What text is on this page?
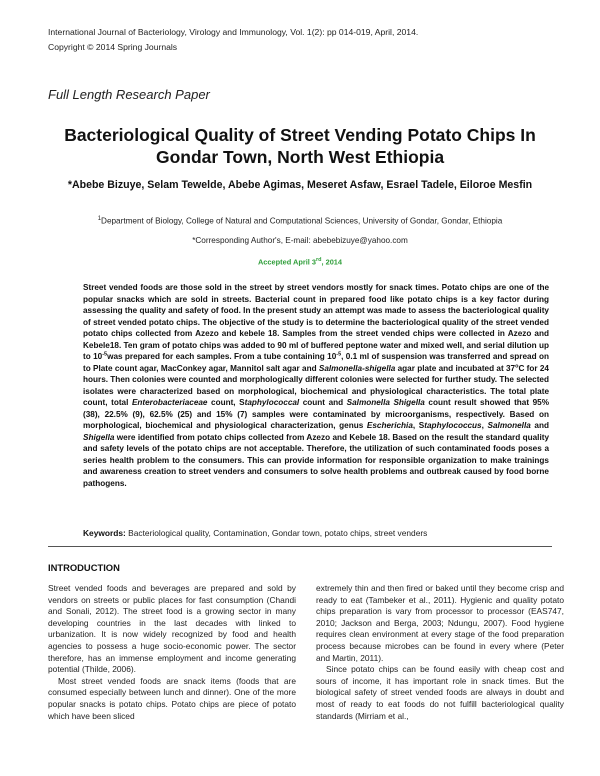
International Journal of Bacteriology, Virology and Immunology, Vol. 1(2): pp 014-019, April, 2014.
Copyright © 2014 Spring Journals
Full Length Research Paper
Bacteriological Quality of Street Vending Potato Chips In Gondar Town, North West Ethiopia
*Abebe Bizuye, Selam Tewelde, Abebe Agimas, Meseret Asfaw, Esrael Tadele, Eiloroe Mesfin
$^1$Department of Biology, College of Natural and Computational Sciences, University of Gondar, Gondar, Ethiopia
*Corresponding Author's, E-mail: abebebizuye@yahoo.com
Accepted April 3rd, 2014
Street vended foods are those sold in the street by street vendors mostly for snack times. Potato chips are one of the popular snacks which are sold in streets. Bacterial count in prepared food like potato chips is a key factor during assessing the quality and safety of food. In the present study an attempt was made to assess the bacteriological quality of street vended potato chips. The objective of the study is to determine the bacteriological quality of the street vended potato chips collected from Azezo and kebele 18. Samples from the street vended chips were collected in Azezo and Kebele18. Ten gram of potato chips was added to 90 ml of buffered peptone water and mixed well, and serial dilution up to $10^{-5}was$ prepared for each samples. From a tube containing $10^{-5}$, 0.1 ml of suspension was transferred and spread on to Plate count agar, MacConkey agar, Mannitol salt agar and Salmonella-shigella agar plate and incubated at 37$^o$C for 24 hours. Then colonies were counted and morphologically different colonies were selected for further study. The selected isolates were characterized based on morphological, biochemical and physiological characteristics. The total plate count, total Enterobacteriaceae count, Staphylococcal count and Salmonella Shigella count result showed that 95% (38), 22.5% (9), 62.5% (25) and 15% (7) samples were contaminated by microorganisms, respectively. Based on morphological, biochemical and physiological characterization, genus Escherichia, Staphylococcus, Salmonella and Shigella were identified from potato chips collected from Azezo and Kebele 18. Based on the result the standard quality and safety levels of the potato chips are not acceptable. Therefore, the utilization of such contaminated foods poses a series health problem to the consumers. This can provide information for responsible organization to make trainings and awareness creation to street venders and consumers to solve health problems and outbreak caused by food borne pathogens.
Keywords: Bacteriological quality, Contamination, Gondar town, potato chips, street venders
INTRODUCTION

Street vended foods and beverages are prepared and sold by vendors on streets or public places for fast consumption (Chandi and Sonali, 2012). The street food is a growing sector in many developing countries in the last decades with linked to urbanization. It is now widely recognized by food and health agencies to possess a huge socio-economic power. The sector therefore, has an immense employment and income generating potential (Thilde, 2006).

Most street vended foods are snack items (foods that are consumed especially between lunch and dinner). One of the more popular snacks is potato chips. Potato chips are piece of potato which have been sliced

extremely thin and then fired or baked until they become crisp and ready to eat (Tambeker et al., 2011). Hygienic and quality potato chips preparation is vary from processor to processor (EAS747, 2010; Jackson and Berga, 2003; Ndungu, 2007). Food hygiene requires clean environment at every stage of the food preparation process because microbes can be found in every where (Peter and Martin, 2011).

Since potato chips can be found easily with cheap cost and sours of income, it has important role in snack times. But the biological safety of street vended foods are always in doubt and most of ready to eat foods do not fulfill bacteriological quality standards (Mirriam et al.,
